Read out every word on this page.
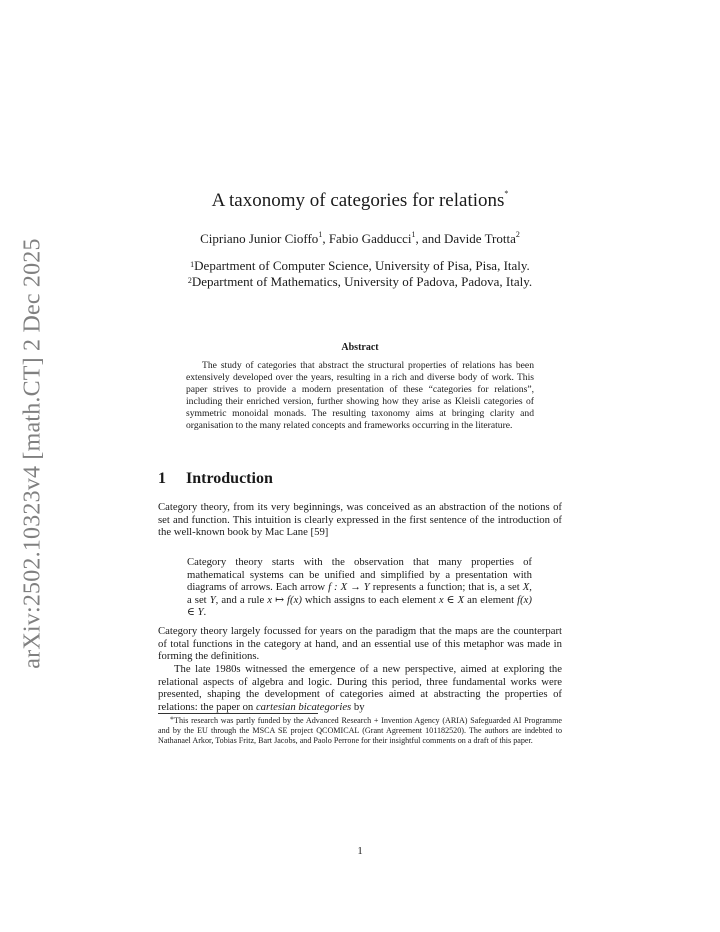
arXiv:2502.10323v4 [math.CT] 2 Dec 2025
A taxonomy of categories for relations*
Cipriano Junior Cioffo$^1$, Fabio Gadducci$^1$, and Davide Trotta$^2$
$^1$Department of Computer Science, University of Pisa, Pisa, Italy.
$^2$Department of Mathematics, University of Padova, Padova, Italy.
Abstract
The study of categories that abstract the structural properties of relations has been extensively developed over the years, resulting in a rich and diverse body of work. This paper strives to provide a modern presentation of these “categories for relations”, including their enriched version, further showing how they arise as Kleisli categories of symmetric monoidal monads. The resulting taxonomy aims at bringing clarity and organisation to the many related concepts and frameworks occurring in the literature.
1 Introduction
Category theory, from its very beginnings, was conceived as an abstraction of the notions of set and function. This intuition is clearly expressed in the first sentence of the introduction of the well-known book by Mac Lane [59]
Category theory starts with the observation that many properties of mathematical systems can be unified and simplified by a presentation with diagrams of arrows. Each arrow f : X → Y represents a function; that is, a set X, a set Y, and a rule x ↦ f(x) which assigns to each element x ∈ X an element f(x) ∈ Y.
Category theory largely focussed for years on the paradigm that the maps are the counterpart of total functions in the category at hand, and an essential use of this metaphor was made in forming the definitions.
The late 1980s witnessed the emergence of a new perspective, aimed at exploring the relational aspects of algebra and logic. During this period, three fundamental works were presented, shaping the development of categories aimed at abstracting the properties of relations: the paper on cartesian bicategories by
*This research was partly funded by the Advanced Research + Invention Agency (ARIA) Safeguarded AI Programme and by the EU through the MSCA SE project QCOMICAL (Grant Agreement 101182520). The authors are indebted to Nathanael Arkor, Tobias Fritz, Bart Jacobs, and Paolo Perrone for their insightful comments on a draft of this paper.
1
